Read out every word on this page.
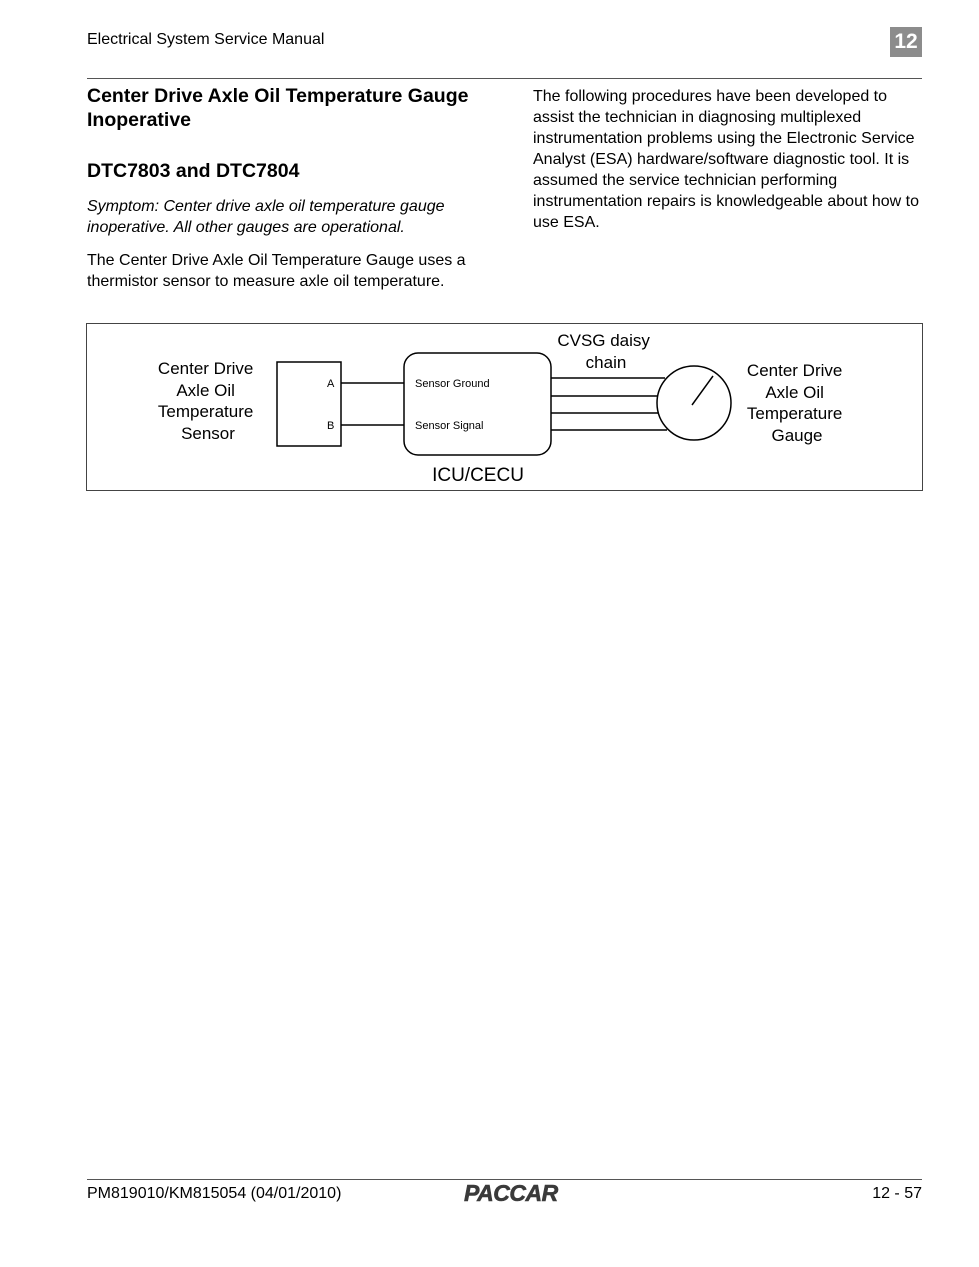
Electrical System Service Manual	12
Center Drive Axle Oil Temperature Gauge Inoperative
DTC7803 and DTC7804
Symptom: Center drive axle oil temperature gauge inoperative. All other gauges are operational.
The Center Drive Axle Oil Temperature Gauge uses a thermistor sensor to measure axle oil temperature.
The following procedures have been developed to assist the technician in diagnosing multiplexed instrumentation problems using the Electronic Service Analyst (ESA) hardware/software diagnostic tool. It is assumed the service technician performing instrumentation repairs is knowledgeable about how to use ESA.
Center Drive Axle Oil Temperature Sensor
A
B
Sensor Ground
Sensor Signal
ICU/CECU
CVSG daisy chain	Center Drive Axle Oil Temperature Gauge
PM819010/KM815054 (04/01/2010)	PACCAR	12 - 57
